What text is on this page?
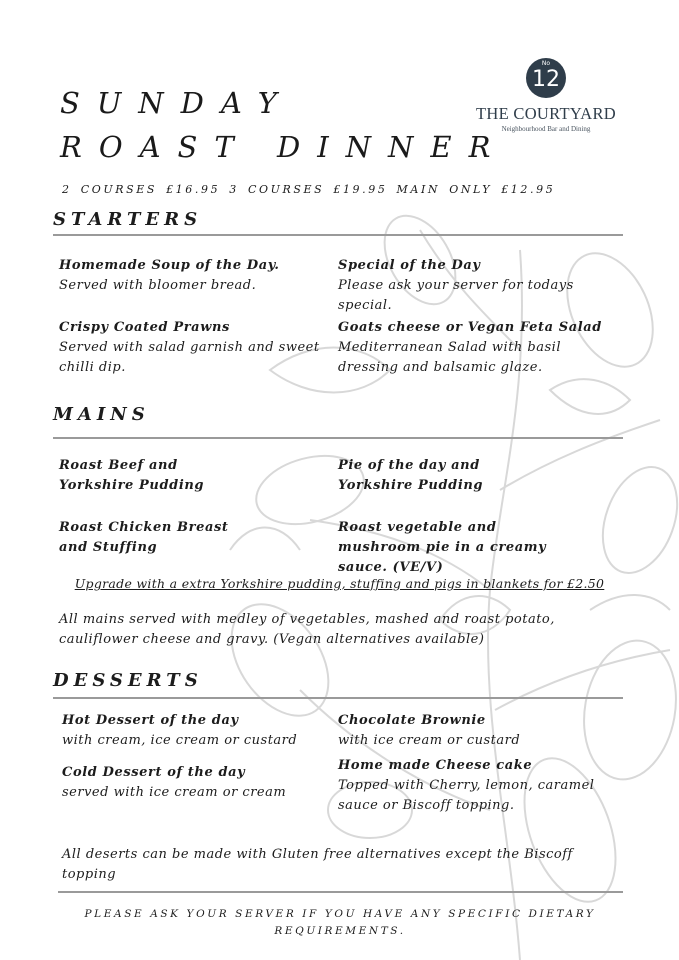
SUNDAY
ROAST DINNER
2 COURSES £16.95 3 COURSES £19.95 MAIN ONLY £12.95
No
12
THE COURTYARD
Neighbourhood Bar and Dining
STARTERS
Homemade Soup of the Day.
Served with bloomer bread.
Special of the Day
Please ask your server for todays special.
Crispy Coated Prawns
Served with salad garnish and sweet chilli dip.
Goats cheese or Vegan Feta Salad
Mediterranean Salad with basil dressing and balsamic glaze.
MAINS
Roast Beef and Yorkshire Pudding
Pie of the day and Yorkshire Pudding
Roast Chicken Breast and Stuffing
Roast vegetable and mushroom pie in a creamy sauce. (VE/V)
Upgrade with a extra Yorkshire pudding, stuffing and pigs in blankets for £2.50
All mains served with medley of vegetables, mashed and roast potato, cauliflower cheese and gravy. (Vegan alternatives available)
DESSERTS
Hot Dessert of the day
with cream, ice cream or custard
Chocolate Brownie
with ice cream or custard
Cold Dessert of the day
served with ice cream or cream
Home made Cheese cake
Topped with Cherry, lemon, caramel sauce or Biscoff topping.
All deserts can be made with Gluten free alternatives except the Biscoff topping
PLEASE ASK YOUR SERVER IF YOU HAVE ANY SPECIFIC DIETARY REQUIREMENTS.
